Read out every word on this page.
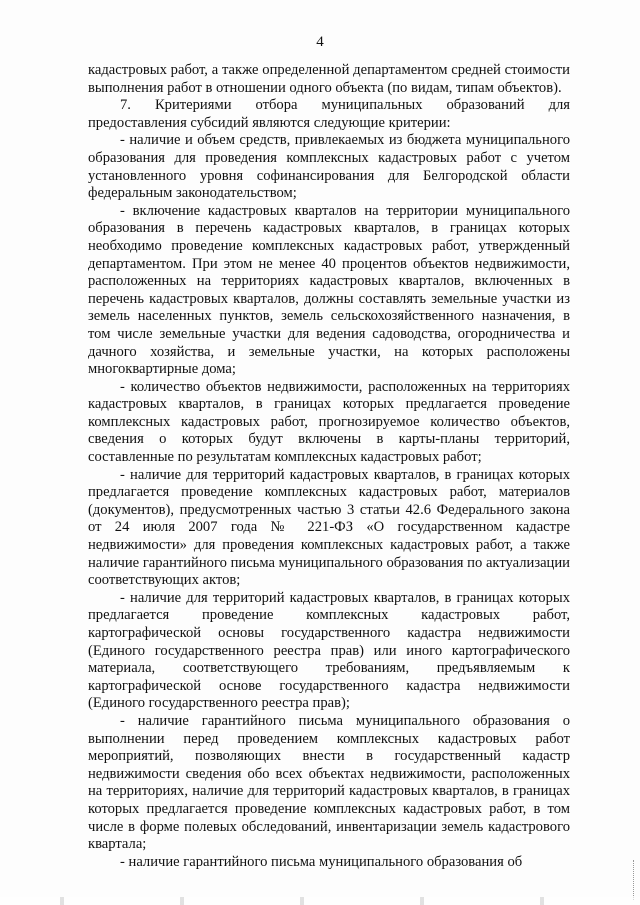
4

кадастровых работ, а также определенной департаментом средней стоимости выполнения работ в отношении одного объекта (по видам, типам объектов).

7. Критериями отбора муниципальных образований для предоставления субсидий являются следующие критерии:

- наличие и объем средств, привлекаемых из бюджета муниципального образования для проведения комплексных кадастровых работ с учетом установленного уровня софинансирования для Белгородской области федеральным законодательством;

- включение кадастровых кварталов на территории муниципального образования в перечень кадастровых кварталов, в границах которых необходимо проведение комплексных кадастровых работ, утвержденный департаментом. При этом не менее 40 процентов объектов недвижимости, расположенных на территориях кадастровых кварталов, включенных в перечень кадастровых кварталов, должны составлять земельные участки из земель населенных пунктов, земель сельскохозяйственного назначения, в том числе земельные участки для ведения садоводства, огородничества и дачного хозяйства, и земельные участки, на которых расположены многоквартирные дома;

- количество объектов недвижимости, расположенных на территориях кадастровых кварталов, в границах которых предлагается проведение комплексных кадастровых работ, прогнозируемое количество объектов, сведения о которых будут включены в карты-планы территорий, составленные по результатам комплексных кадастровых работ;

- наличие для территорий кадастровых кварталов, в границах которых предлагается проведение комплексных кадастровых работ, материалов (документов), предусмотренных частью 3 статьи 42.6 Федерального закона от 24 июля 2007 года № 221-ФЗ «О государственном кадастре недвижимости» для проведения комплексных кадастровых работ, а также наличие гарантийного письма муниципального образования по актуализации соответствующих актов;

- наличие для территорий кадастровых кварталов, в границах которых предлагается проведение комплексных кадастровых работ, картографической основы государственного кадастра недвижимости (Единого государственного реестра прав) или иного картографического материала, соответствующего требованиям, предъявляемым к картографической основе государственного кадастра недвижимости (Единого государственного реестра прав);

- наличие гарантийного письма муниципального образования о выполнении перед проведением комплексных кадастровых работ мероприятий, позволяющих внести в государственный кадастр недвижимости сведения обо всех объектах недвижимости, расположенных на территориях, наличие для территорий кадастровых кварталов, в границах которых предлагается проведение комплексных кадастровых работ, в том числе в форме полевых обследований, инвентаризации земель кадастрового квартала;

- наличие гарантийного письма муниципального образования об
